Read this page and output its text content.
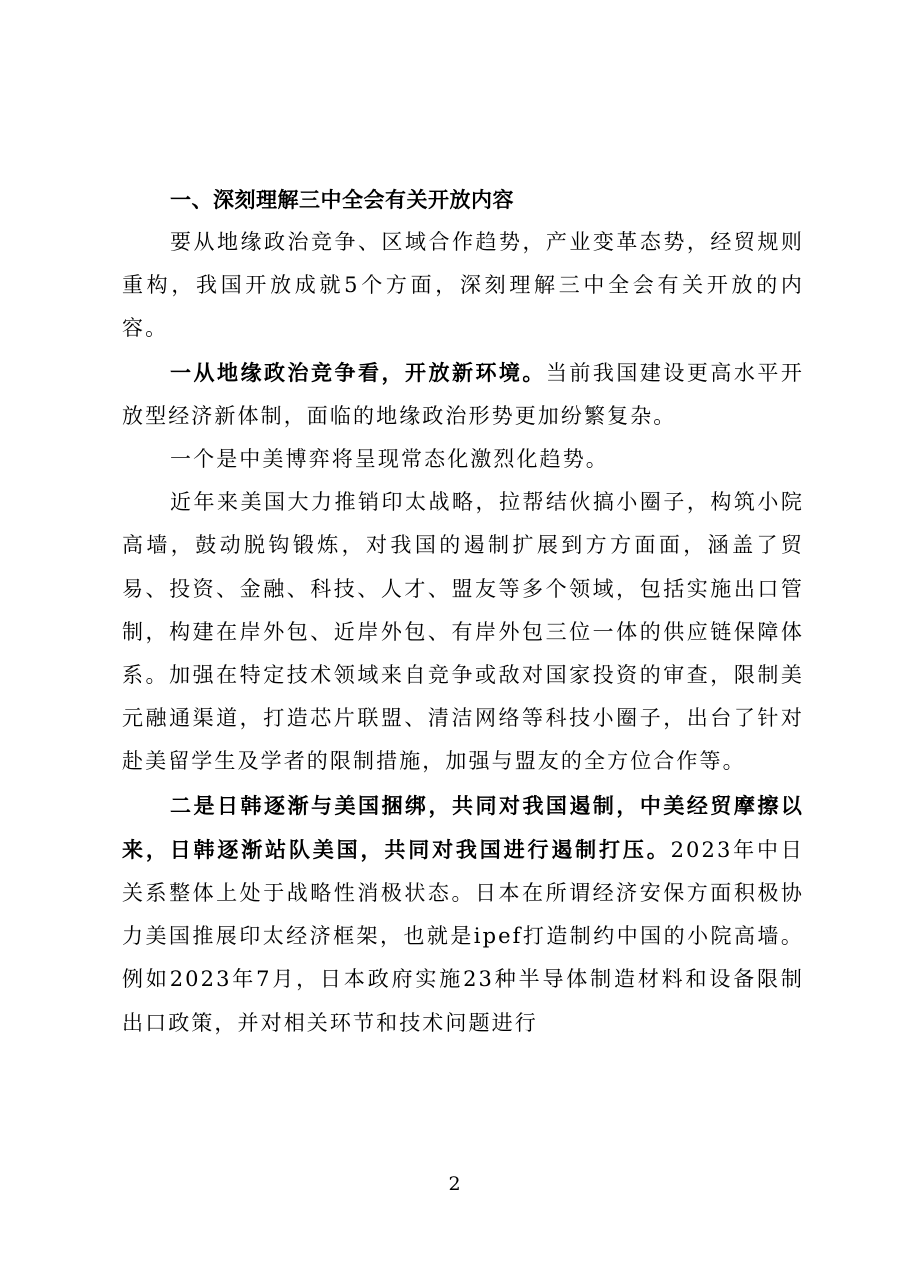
一、深刻理解三中全会有关开放内容

要从地缘政治竞争、区域合作趋势，产业变革态势，经贸规则重构，我国开放成就5个方面，深刻理解三中全会有关开放的内容。

一从地缘政治竞争看，开放新环境。当前我国建设更高水平开放型经济新体制，面临的地缘政治形势更加纷繁复杂。

一个是中美博弈将呈现常态化激烈化趋势。

近年来美国大力推销印太战略，拉帮结伙搞小圈子，构筑小院高墙，鼓动脱钩锻炼，对我国的遏制扩展到方方面面，涵盖了贸易、投资、金融、科技、人才、盟友等多个领域，包括实施出口管制，构建在岸外包、近岸外包、有岸外包三位一体的供应链保障体系。加强在特定技术领域来自竞争或敌对国家投资的审查，限制美元融通渠道，打造芯片联盟、清洁网络等科技小圈子，出台了针对赴美留学生及学者的限制措施，加强与盟友的全方位合作等。

二是日韩逐渐与美国捆绑，共同对我国遏制，中美经贸摩擦以来，日韩逐渐站队美国，共同对我国进行遏制打压。2023年中日关系整体上处于战略性消极状态。日本在所谓经济安保方面积极协力美国推展印太经济框架，也就是ipef打造制约中国的小院高墙。例如2023年7月，日本政府实施23种半导体制造材料和设备限制出口政策，并对相关环节和技术问题进行

2
